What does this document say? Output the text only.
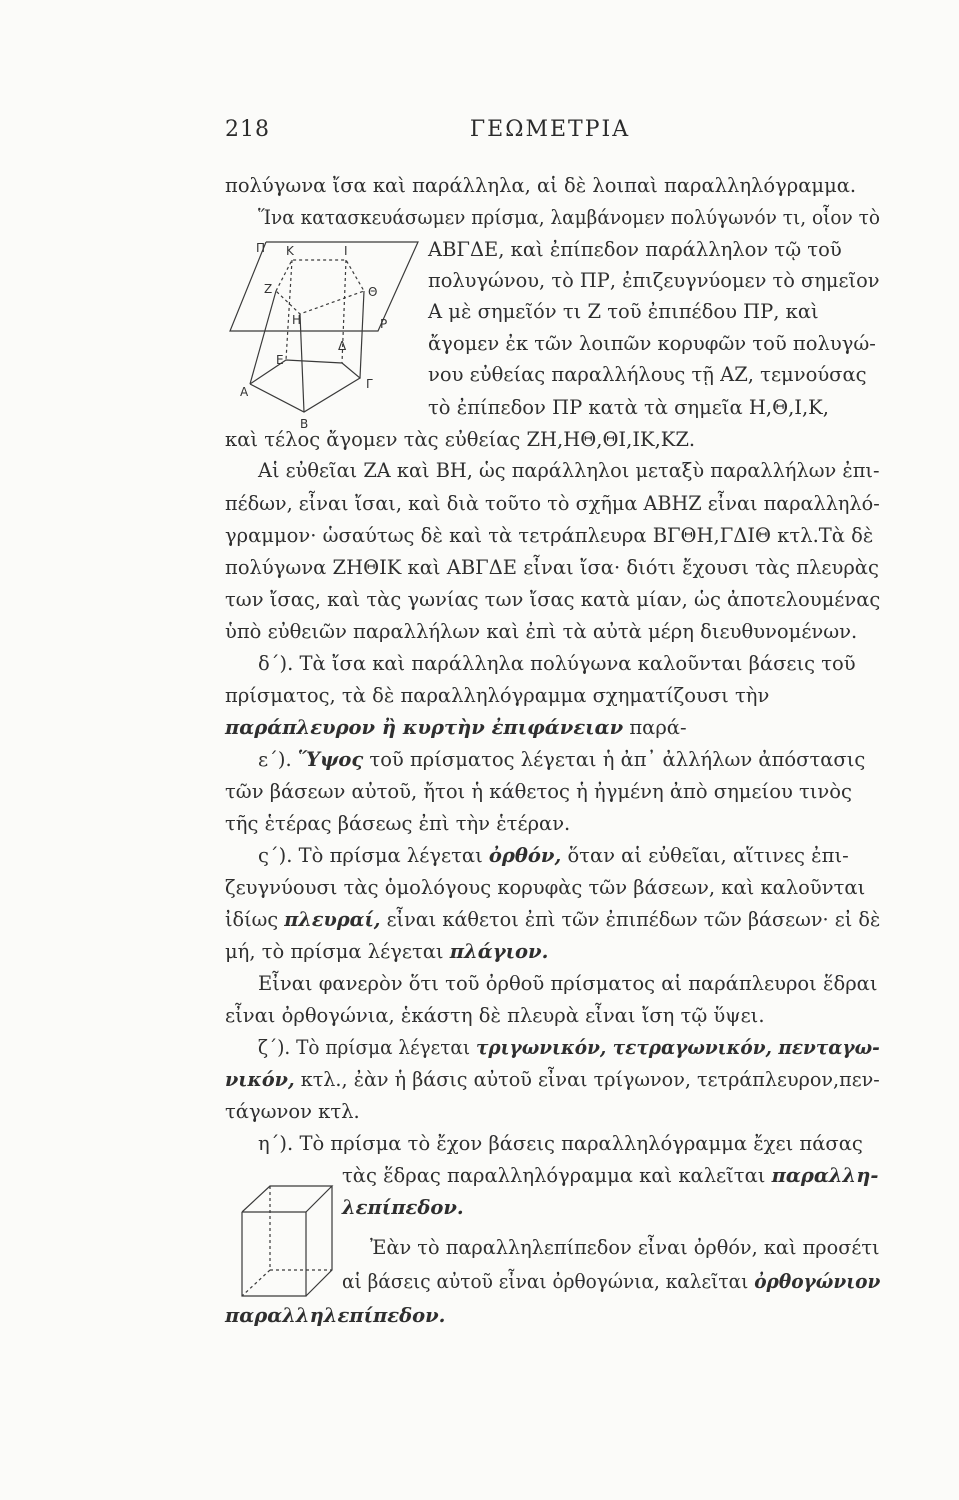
218	ΓΕΩΜΕΤΡΙΑ
Π Κ	Ι
Ζ	Θ
Η	Ρ
Ε
Δ
Α
Γ
Β
πολύγωνα ἴσα καὶ παράλληλα, αἱ δὲ λοιπαὶ παραλληλόγραμμα.
Ἵνα κατασκευάσωμεν πρίσμα, λαμβάνομεν πολύγωνόν τι, οἷον τὸ
ΑΒΓΔΕ, καὶ ἐπίπεδον παράλληλον τῷ τοῦ
πολυγώνου, τὸ ΠΡ, ἐπιζευγνύομεν τὸ σημεῖον
Α μὲ σημεῖόν τι Ζ τοῦ ἐπιπέδου ΠΡ, καὶ
ἄγομεν ἐκ τῶν λοιπῶν κορυφῶν τοῦ πολυγώ-
νου εὐθείας παραλλήλους τῇ ΑΖ, τεμνούσας
τὸ ἐπίπεδον ΠΡ κατὰ τὰ σημεῖα Η,Θ,Ι,Κ,
καὶ τέλος ἄγομεν τὰς εὐθείας ΖΗ,ΗΘ,ΘΙ,ΙΚ,ΚΖ.
Αἱ εὐθεῖαι ΖΑ καὶ ΒΗ, ὡς παράλληλοι μεταξὺ παραλλήλων ἐπι-
πέδων, εἶναι ἴσαι, καὶ διὰ τοῦτο τὸ σχῆμα ΑΒΗΖ εἶναι παραλληλό-
γραμμον· ὡσαύτως δὲ καὶ τὰ τετράπλευρα ΒΓΘΗ,ΓΔΙΘ κτλ.Τὰ δὲ
πολύγωνα ΖΗΘΙΚ καὶ ΑΒΓΔΕ εἶναι ἴσα· διότι ἔχουσι τὰς πλευρὰς
των ἴσας, καὶ τὰς γωνίας των ἴσας κατὰ μίαν, ὡς ἀποτελουμένας
ὑπὸ εὐθειῶν παραλλήλων καὶ ἐπὶ τὰ αὐτὰ μέρη διευθυνομένων.
δ΄). Τὰ ἴσα καὶ παράλληλα πολύγωνα καλοῦνται βάσεις τοῦ
πρίσματος, τὰ δὲ παραλληλόγραμμα σχηματίζουσι τὴν
παράπλευρον ἢ κυρτὴν ἐπιφάνειαν παρά-
ε΄). Ὕψος τοῦ πρίσματος λέγεται ἡ ἀπ᾽ ἀλλήλων ἀπόστασις
τῶν βάσεων αὐτοῦ, ἤτοι ἡ κάθετος ἡ ἠγμένη ἀπὸ σημείου τινὸς
τῆς ἑτέρας βάσεως ἐπὶ τὴν ἑτέραν.
ς΄). Τὸ πρίσμα λέγεται ὀρθόν, ὅταν αἱ εὐθεῖαι, αἵτινες ἐπι-
ζευγνύουσι τὰς ὁμολόγους κορυφὰς τῶν βάσεων, καὶ καλοῦνται
ἰδίως πλευραί, εἶναι κάθετοι ἐπὶ τῶν ἐπιπέδων τῶν βάσεων· εἰ δὲ
μή, τὸ πρίσμα λέγεται πλάγιον.
Εἶναι φανερὸν ὅτι τοῦ ὀρθοῦ πρίσματος αἱ παράπλευροι ἕδραι
εἶναι ὀρθογώνια, ἑκάστη δὲ πλευρὰ εἶναι ἴση τῷ ὕψει.
ζ΄). Τὸ πρίσμα λέγεται τριγωνικόν, τετραγωνικόν, πενταγω-
νικόν, κτλ., ἐὰν ἡ βάσις αὐτοῦ εἶναι τρίγωνον, τετράπλευρον,πεν-
τάγωνον κτλ.
η΄). Τὸ πρίσμα τὸ ἔχον βάσεις παραλληλόγραμμα ἔχει πάσας
τὰς ἕδρας παραλληλόγραμμα καὶ καλεῖται παραλλη-
λεπίπεδον.
Ἐὰν τὸ παραλληλεπίπεδον εἶναι ὀρθόν, καὶ προσέτι
αἱ βάσεις αὐτοῦ εἶναι ὀρθογώνια, καλεῖται ὀρθογώνιον
παραλληλεπίπεδον.
